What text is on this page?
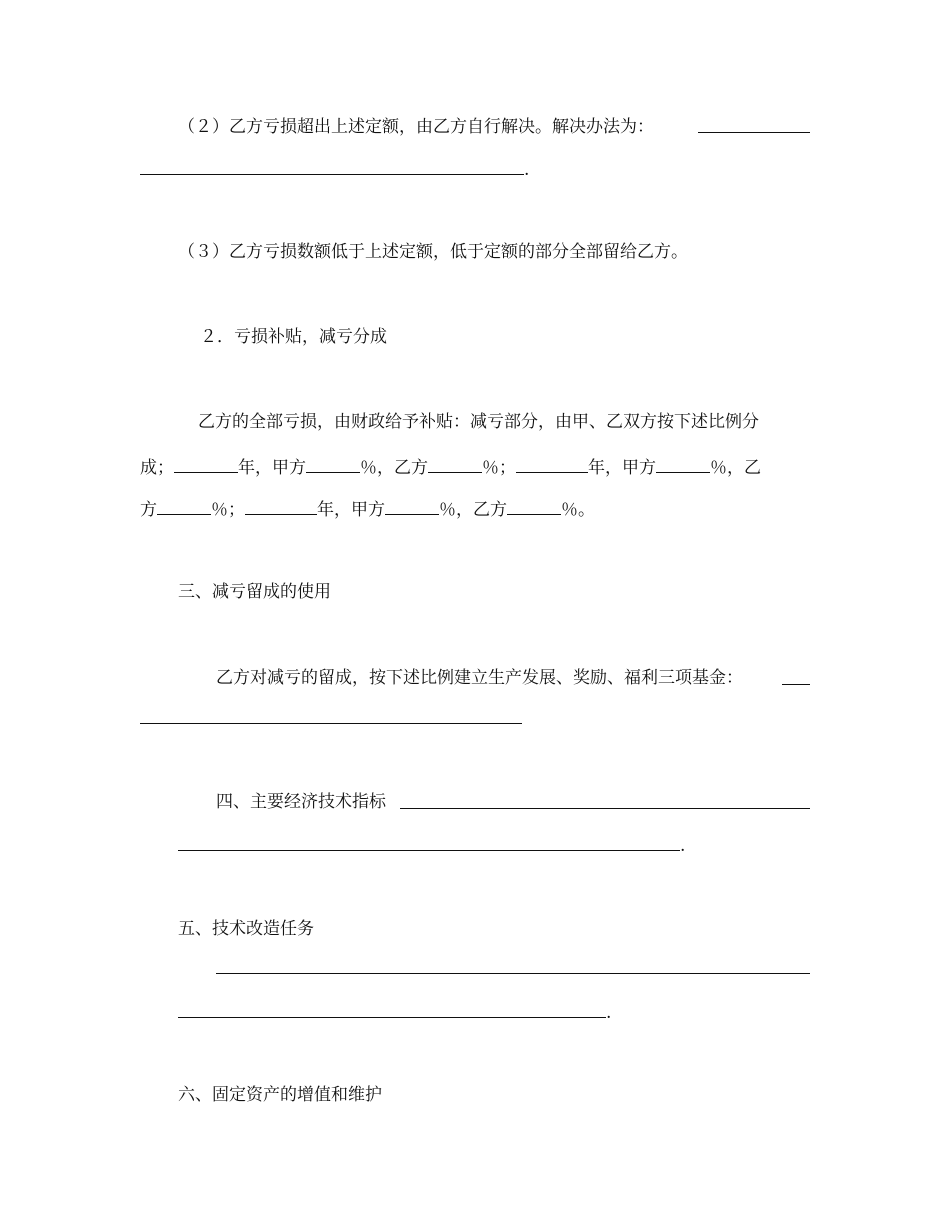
（２）乙方亏损超出上述定额，由乙方自行解决。解决办法为：
.
（３）乙方亏损数额低于上述定额，低于定额的部分全部留给乙方。
２．亏损补贴，减亏分成
乙方的全部亏损，由财政给予补贴：减亏部分，由甲、乙双方按下述比例分
成；	年，甲方	％，乙方	％；	年，甲方	％，乙
方	％；	年，甲方	％，乙方	％。
三、减亏留成的使用
乙方对减亏的留成，按下述比例建立生产发展、奖励、福利三项基金：
四、主要经济技术指标
.
五、技术改造任务
.
六、固定资产的增值和维护
